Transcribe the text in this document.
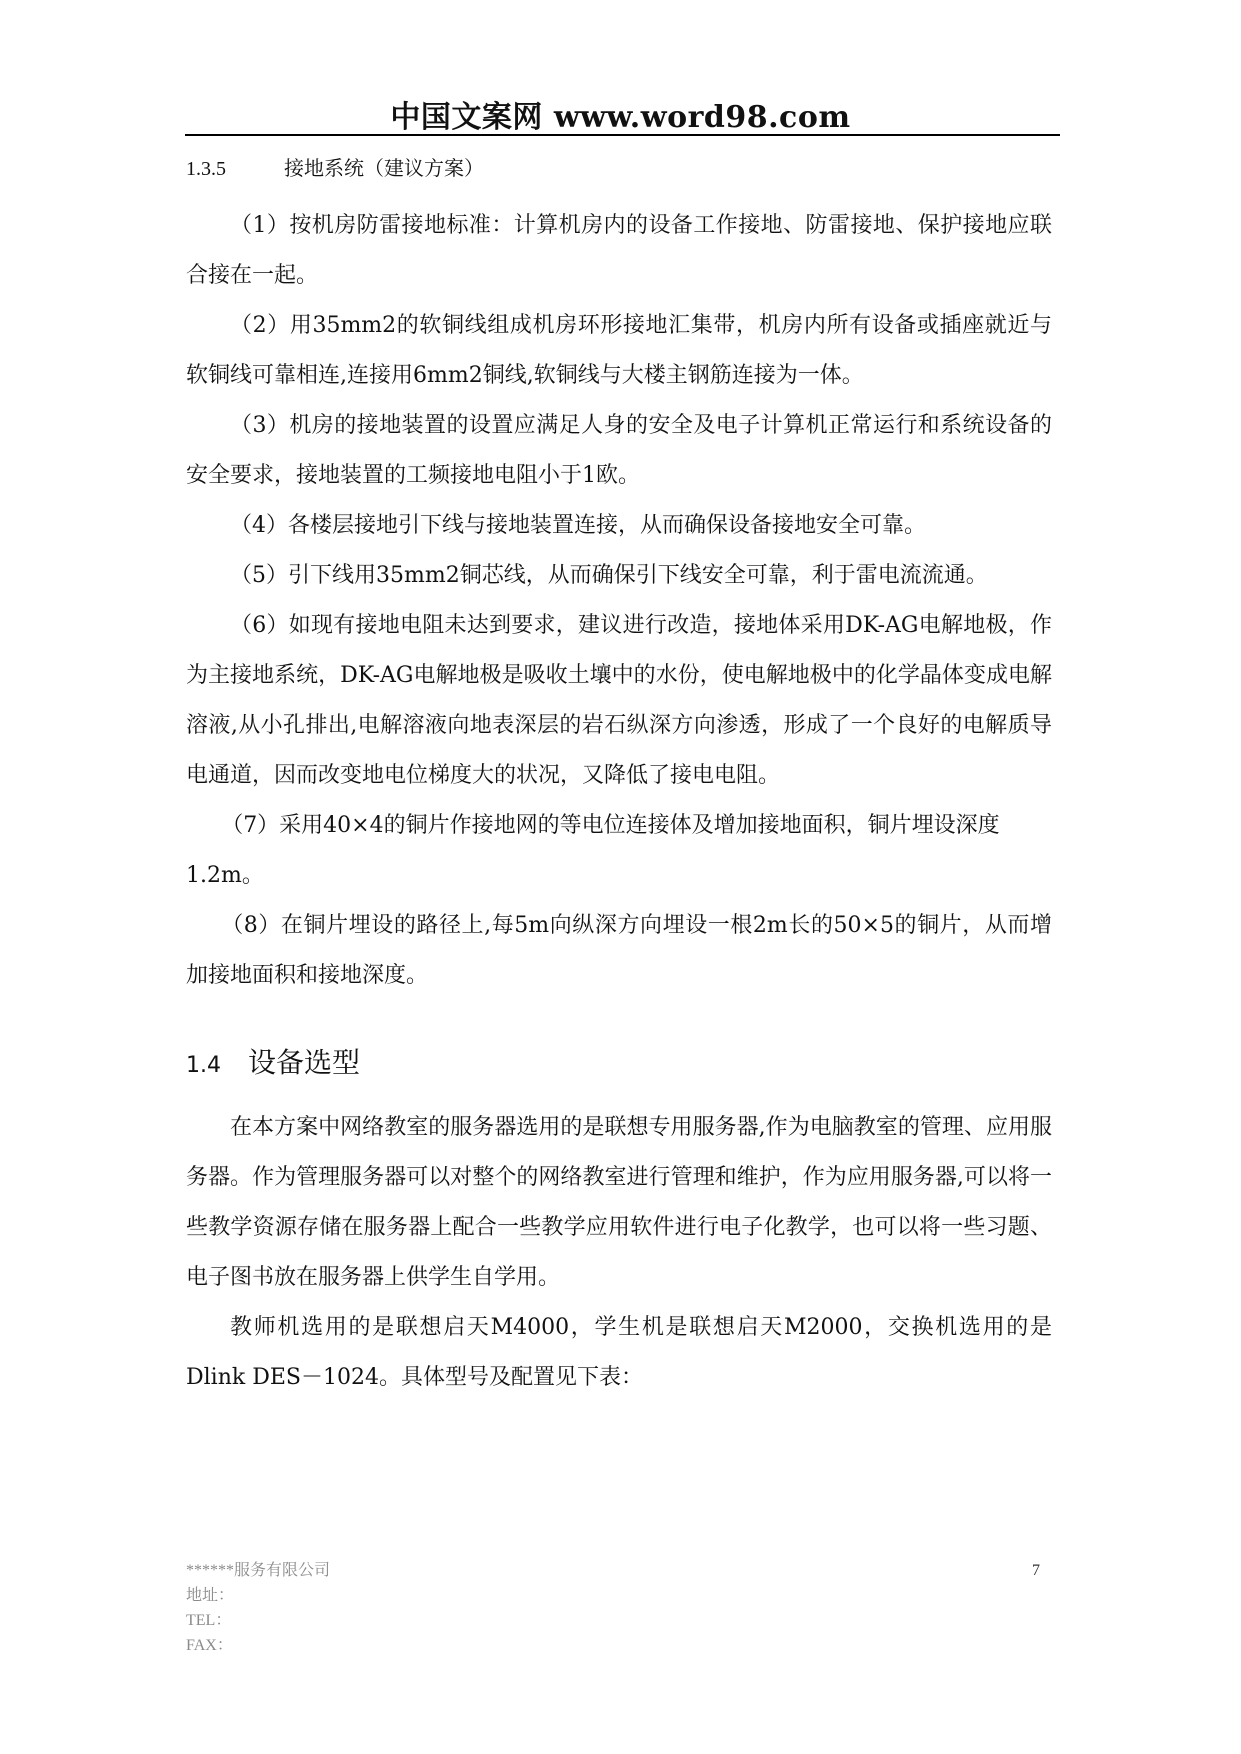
中国文案网 www.word98.com
1.3.5	接地系统（建议方案）

（1）按机房防雷接地标准：计算机房内的设备工作接地、防雷接地、保护接地应联合接在一起。

（2）用35mm2的软铜线组成机房环形接地汇集带，机房内所有设备或插座就近与软铜线可靠相连,连接用6mm2铜线,软铜线与大楼主钢筋连接为一体。

（3）机房的接地装置的设置应满足人身的安全及电子计算机正常运行和系统设备的安全要求，接地装置的工频接地电阻小于1欧。

（4）各楼层接地引下线与接地装置连接，从而确保设备接地安全可靠。

（5）引下线用35mm2铜芯线，从而确保引下线安全可靠，利于雷电流流通。

（6）如现有接地电阻未达到要求，建议进行改造，接地体采用DK-AG电解地极，作为主接地系统，DK-AG电解地极是吸收土壤中的水份，使电解地极中的化学晶体变成电解溶液,从小孔排出,电解溶液向地表深层的岩石纵深方向渗透，形成了一个良好的电解质导电通道，因而改变地电位梯度大的状况，又降低了接电电阻。

（7）采用40×4的铜片作接地网的等电位连接体及增加接地面积，铜片埋设深度

1.2m。

（8）在铜片埋设的路径上,每5m向纵深方向埋设一根2m长的50×5的铜片，从而增加接地面积和接地深度。

1.4 设备选型

在本方案中网络教室的服务器选用的是联想专用服务器,作为电脑教室的管理、应用服务器。作为管理服务器可以对整个的网络教室进行管理和维护，作为应用服务器,可以将一些教学资源存储在服务器上配合一些教学应用软件进行电子化教学，也可以将一些习题、电子图书放在服务器上供学生自学用。

教师机选用的是联想启天M4000，学生机是联想启天M2000，交换机选用的是Dlink DES－1024。具体型号及配置见下表：

******服务有限公司
地址：
TEL：
FAX：
7
